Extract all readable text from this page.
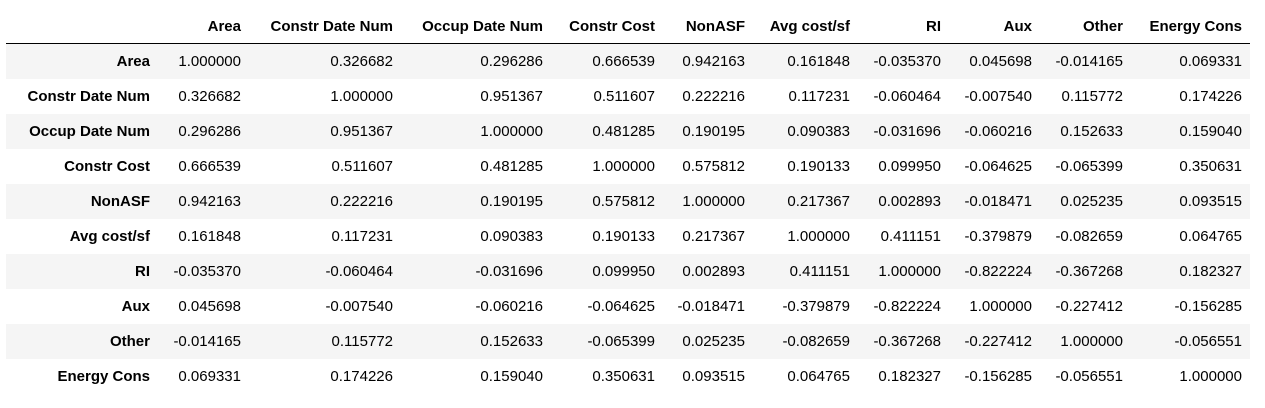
	Area	Constr Date Num	Occup Date Num	Constr Cost	NonASF	Avg cost/sf	RI	Aux	Other	Energy Cons
Area	1.000000	0.326682	0.296286	0.666539	0.942163	0.161848	-0.035370	0.045698	-0.014165	0.069331
Constr Date Num	0.326682	1.000000	0.951367	0.511607	0.222216	0.117231	-0.060464	-0.007540	0.115772	0.174226
Occup Date Num	0.296286	0.951367	1.000000	0.481285	0.190195	0.090383	-0.031696	-0.060216	0.152633	0.159040
Constr Cost	0.666539	0.511607	0.481285	1.000000	0.575812	0.190133	0.099950	-0.064625	-0.065399	0.350631
NonASF	0.942163	0.222216	0.190195	0.575812	1.000000	0.217367	0.002893	-0.018471	0.025235	0.093515
Avg cost/sf	0.161848	0.117231	0.090383	0.190133	0.217367	1.000000	0.411151	-0.379879	-0.082659	0.064765
RI	-0.035370	-0.060464	-0.031696	0.099950	0.002893	0.411151	1.000000	-0.822224	-0.367268	0.182327
Aux	0.045698	-0.007540	-0.060216	-0.064625	-0.018471	-0.379879	-0.822224	1.000000	-0.227412	-0.156285
Other	-0.014165	0.115772	0.152633	-0.065399	0.025235	-0.082659	-0.367268	-0.227412	1.000000	-0.056551
Energy Cons	0.069331	0.174226	0.159040	0.350631	0.093515	0.064765	0.182327	-0.156285	-0.056551	1.000000
